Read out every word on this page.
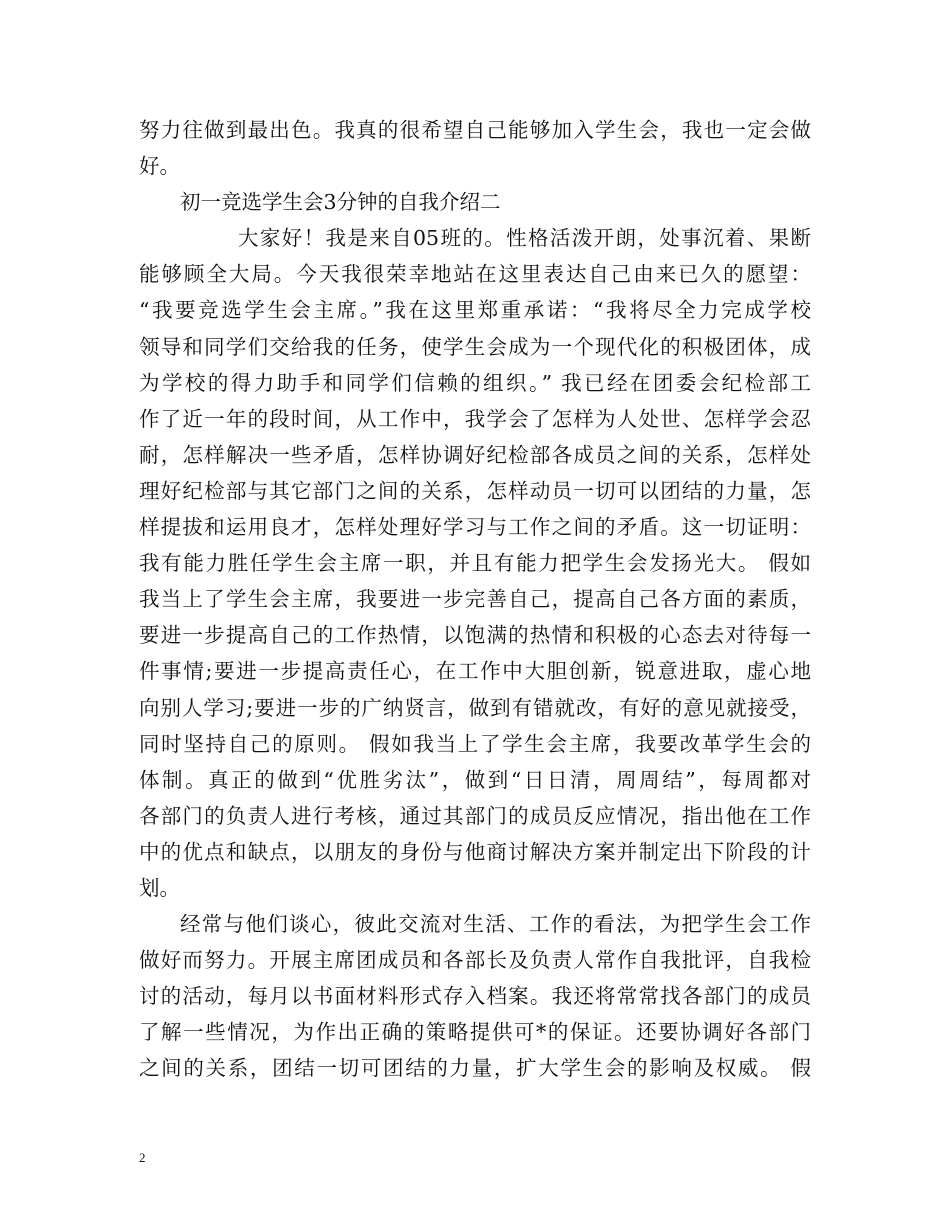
努力往做到最出色。我真的很希望自己能够加入学生会，我也一定会做
好。
初一竞选学生会3分钟的自我介绍二
大家好！我是来自05班的。性格活泼开朗，处事沉着、果断
能够顾全大局。今天我很荣幸地站在这里表达自己由来已久的愿望：
“我要竞选学生会主席。”我在这里郑重承诺：“我将尽全力完成学校
领导和同学们交给我的任务，使学生会成为一个现代化的积极团体，成
为学校的得力助手和同学们信赖的组织。” 我已经在团委会纪检部工
作了近一年的段时间，从工作中，我学会了怎样为人处世、怎样学会忍
耐，怎样解决一些矛盾，怎样协调好纪检部各成员之间的关系，怎样处
理好纪检部与其它部门之间的关系，怎样动员一切可以团结的力量，怎
样提拔和运用良才，怎样处理好学习与工作之间的矛盾。这一切证明：
我有能力胜任学生会主席一职，并且有能力把学生会发扬光大。 假如
我当上了学生会主席，我要进一步完善自己，提高自己各方面的素质，
要进一步提高自己的工作热情，以饱满的热情和积极的心态去对待每一
件事情;要进一步提高责任心，在工作中大胆创新，锐意进取，虚心地
向别人学习;要进一步的广纳贤言，做到有错就改，有好的意见就接受，
同时坚持自己的原则。 假如我当上了学生会主席，我要改革学生会的
体制。真正的做到“优胜劣汰”，做到“日日清，周周结”，每周都对
各部门的负责人进行考核，通过其部门的成员反应情况，指出他在工作
中的优点和缺点，以朋友的身份与他商讨解决方案并制定出下阶段的计
划。
经常与他们谈心，彼此交流对生活、工作的看法，为把学生会工作
做好而努力。开展主席团成员和各部长及负责人常作自我批评，自我检
讨的活动，每月以书面材料形式存入档案。我还将常常找各部门的成员
了解一些情况，为作出正确的策略提供可*的保证。还要协调好各部门
之间的关系，团结一切可团结的力量，扩大学生会的影响及权威。 假
2
